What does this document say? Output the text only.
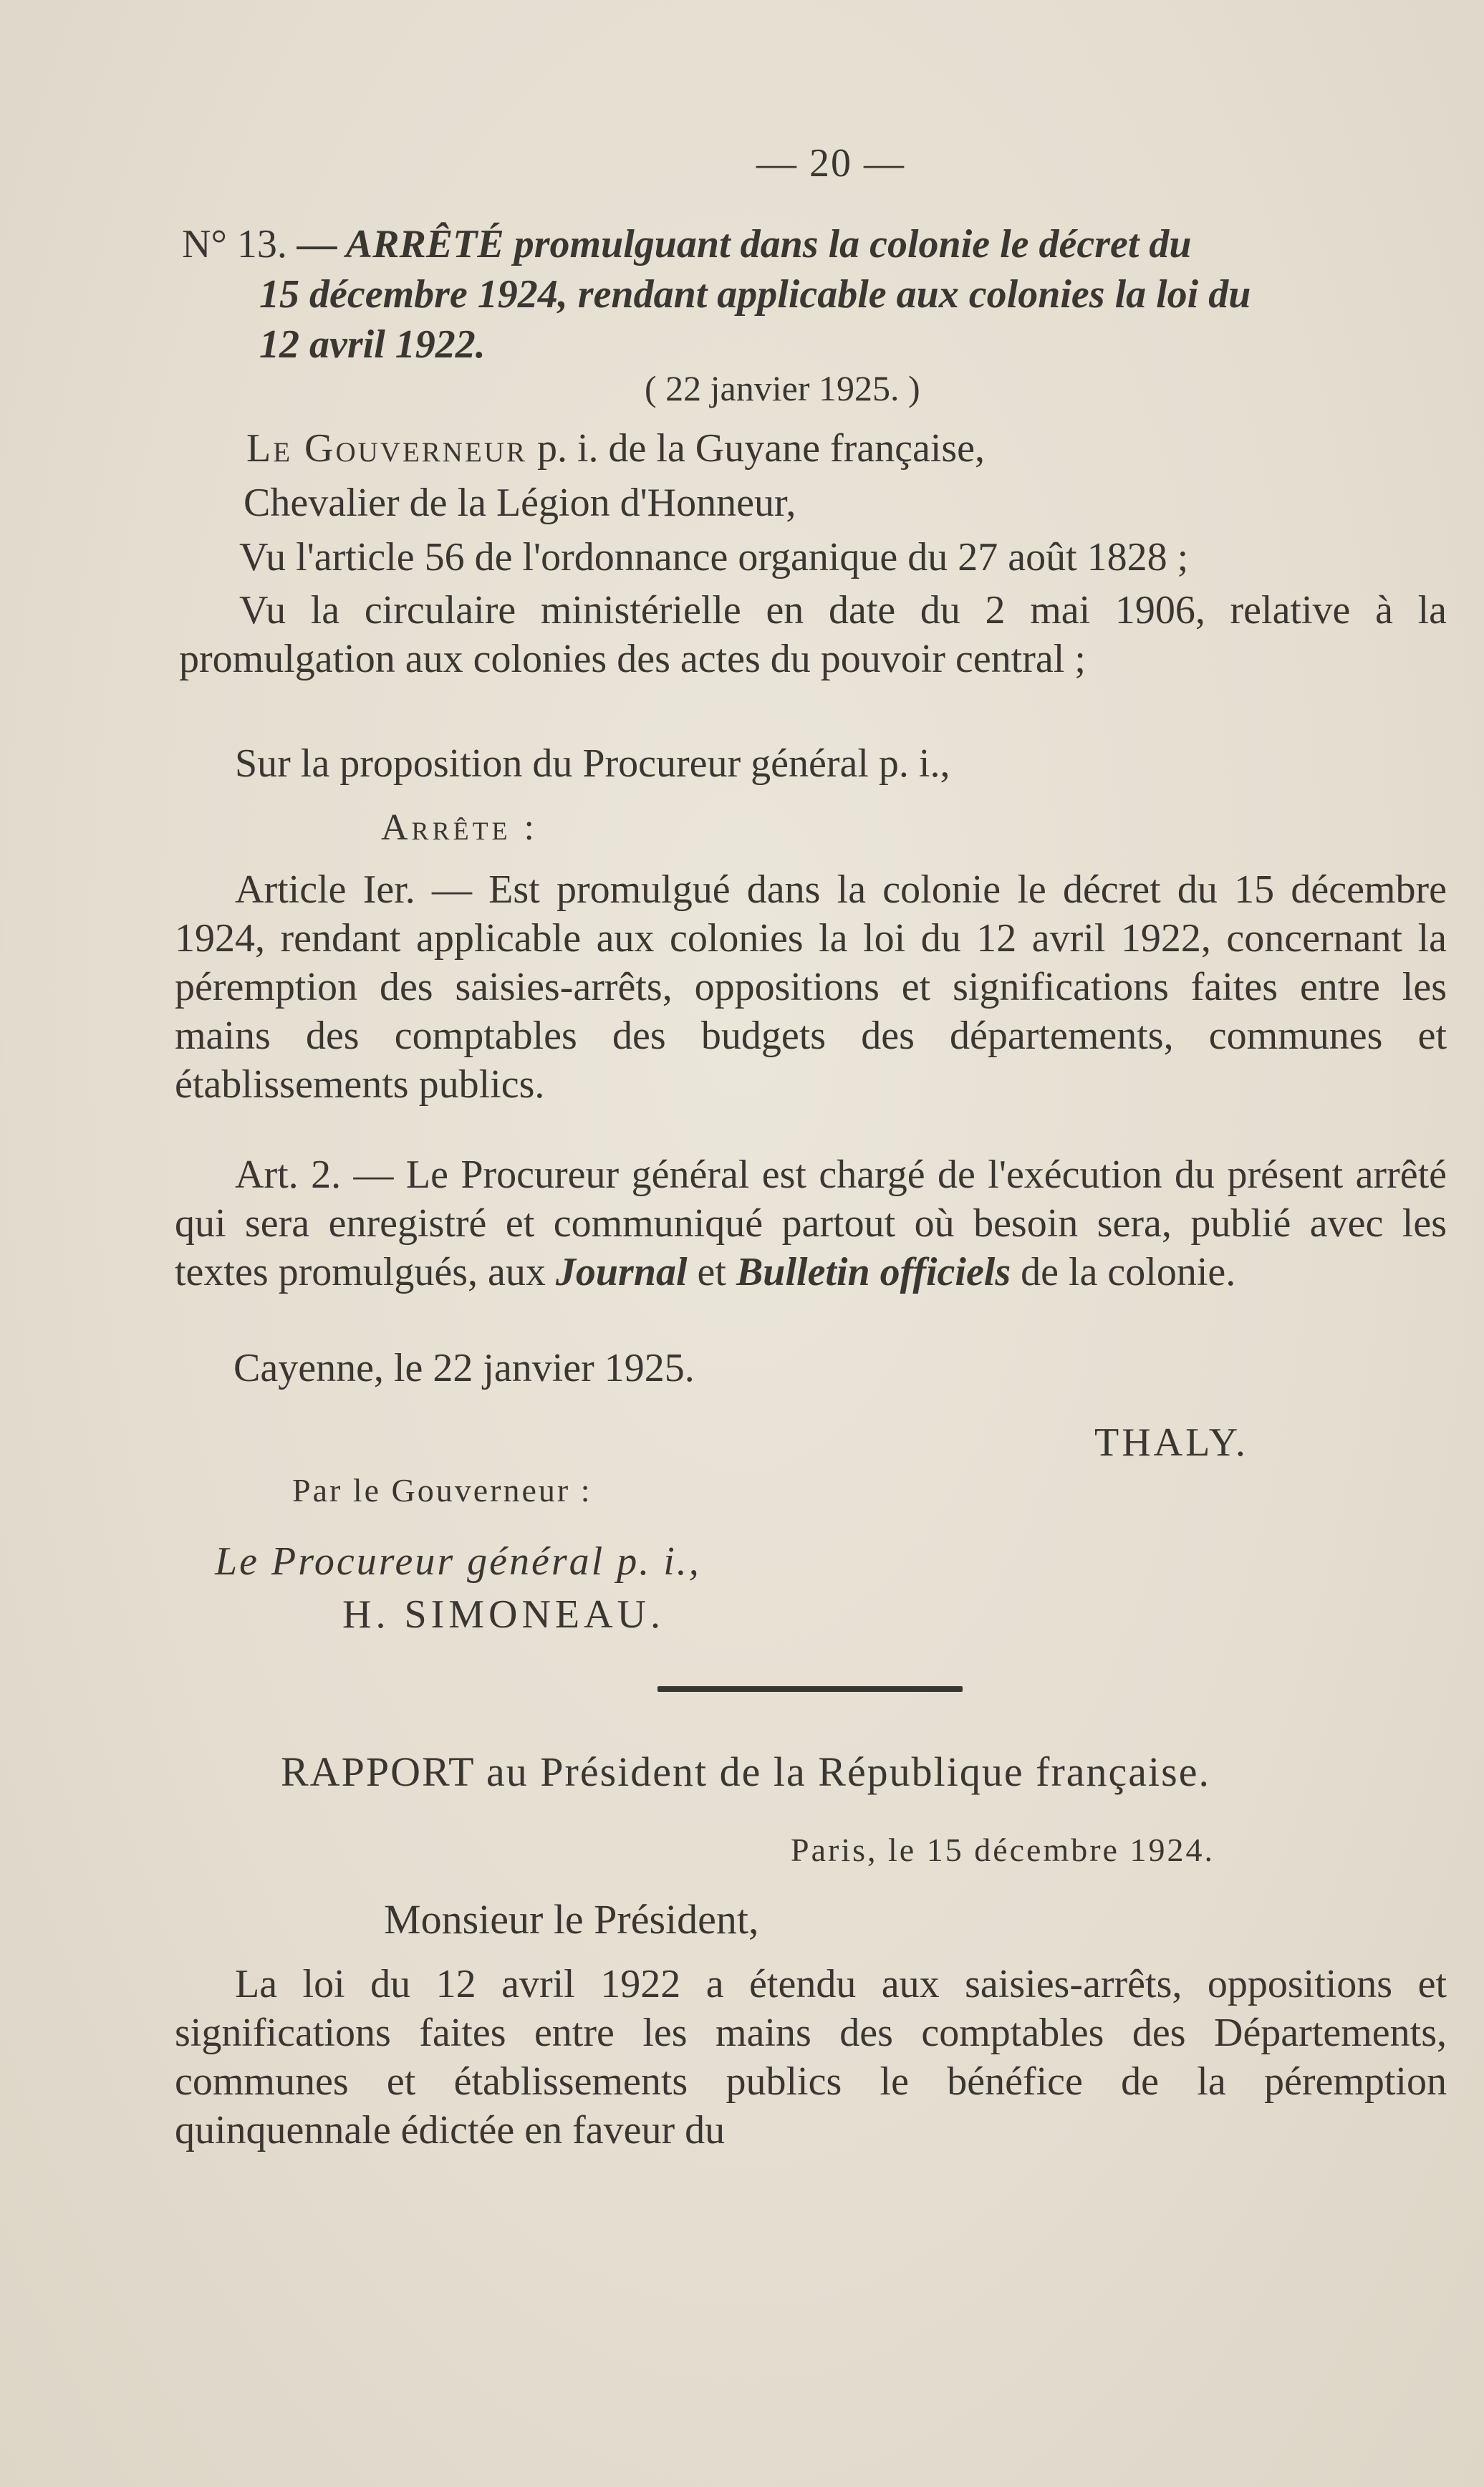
— 20 —
N° 13. — ARRÊTÉ promulguant dans la colonie le décret du
15 décembre 1924, rendant applicable aux colonies la loi du
12 avril 1922.
( 22 janvier 1925. )

Le Gouverneur p. i. de la Guyane française,

Chevalier de la Légion d'Honneur,

Vu l'article 56 de l'ordonnance organique du 27 août 1828 ;

Vu la circulaire ministérielle en date du 2 mai 1906, relative à la promulgation aux colonies des actes du pouvoir central ;

Sur la proposition du Procureur général p. i.,

Arrête :

Article Ier. — Est promulgué dans la colonie le décret du 15 décembre 1924, rendant applicable aux colonies la loi du 12 avril 1922, concernant la péremption des saisies-arrêts, oppositions et significations faites entre les mains des comptables des budgets des départements, communes et établissements publics.

Art. 2. — Le Procureur général est chargé de l'exécution du présent arrêté qui sera enregistré et communiqué partout où besoin sera, publié avec les textes promulgués, aux Journal et Bulletin officiels de la colonie.

Cayenne, le 22 janvier 1925.

THALY.
Par le Gouverneur :
Le Procureur général p. i.,
H. SIMONEAU.
RAPPORT au Président de la République française.
Paris, le 15 décembre 1924.
Monsieur le Président,

La loi du 12 avril 1922 a étendu aux saisies-arrêts, oppositions et significations faites entre les mains des comptables des Départements, communes et établissements publics le bénéfice de la péremption quinquennale édictée en faveur du
